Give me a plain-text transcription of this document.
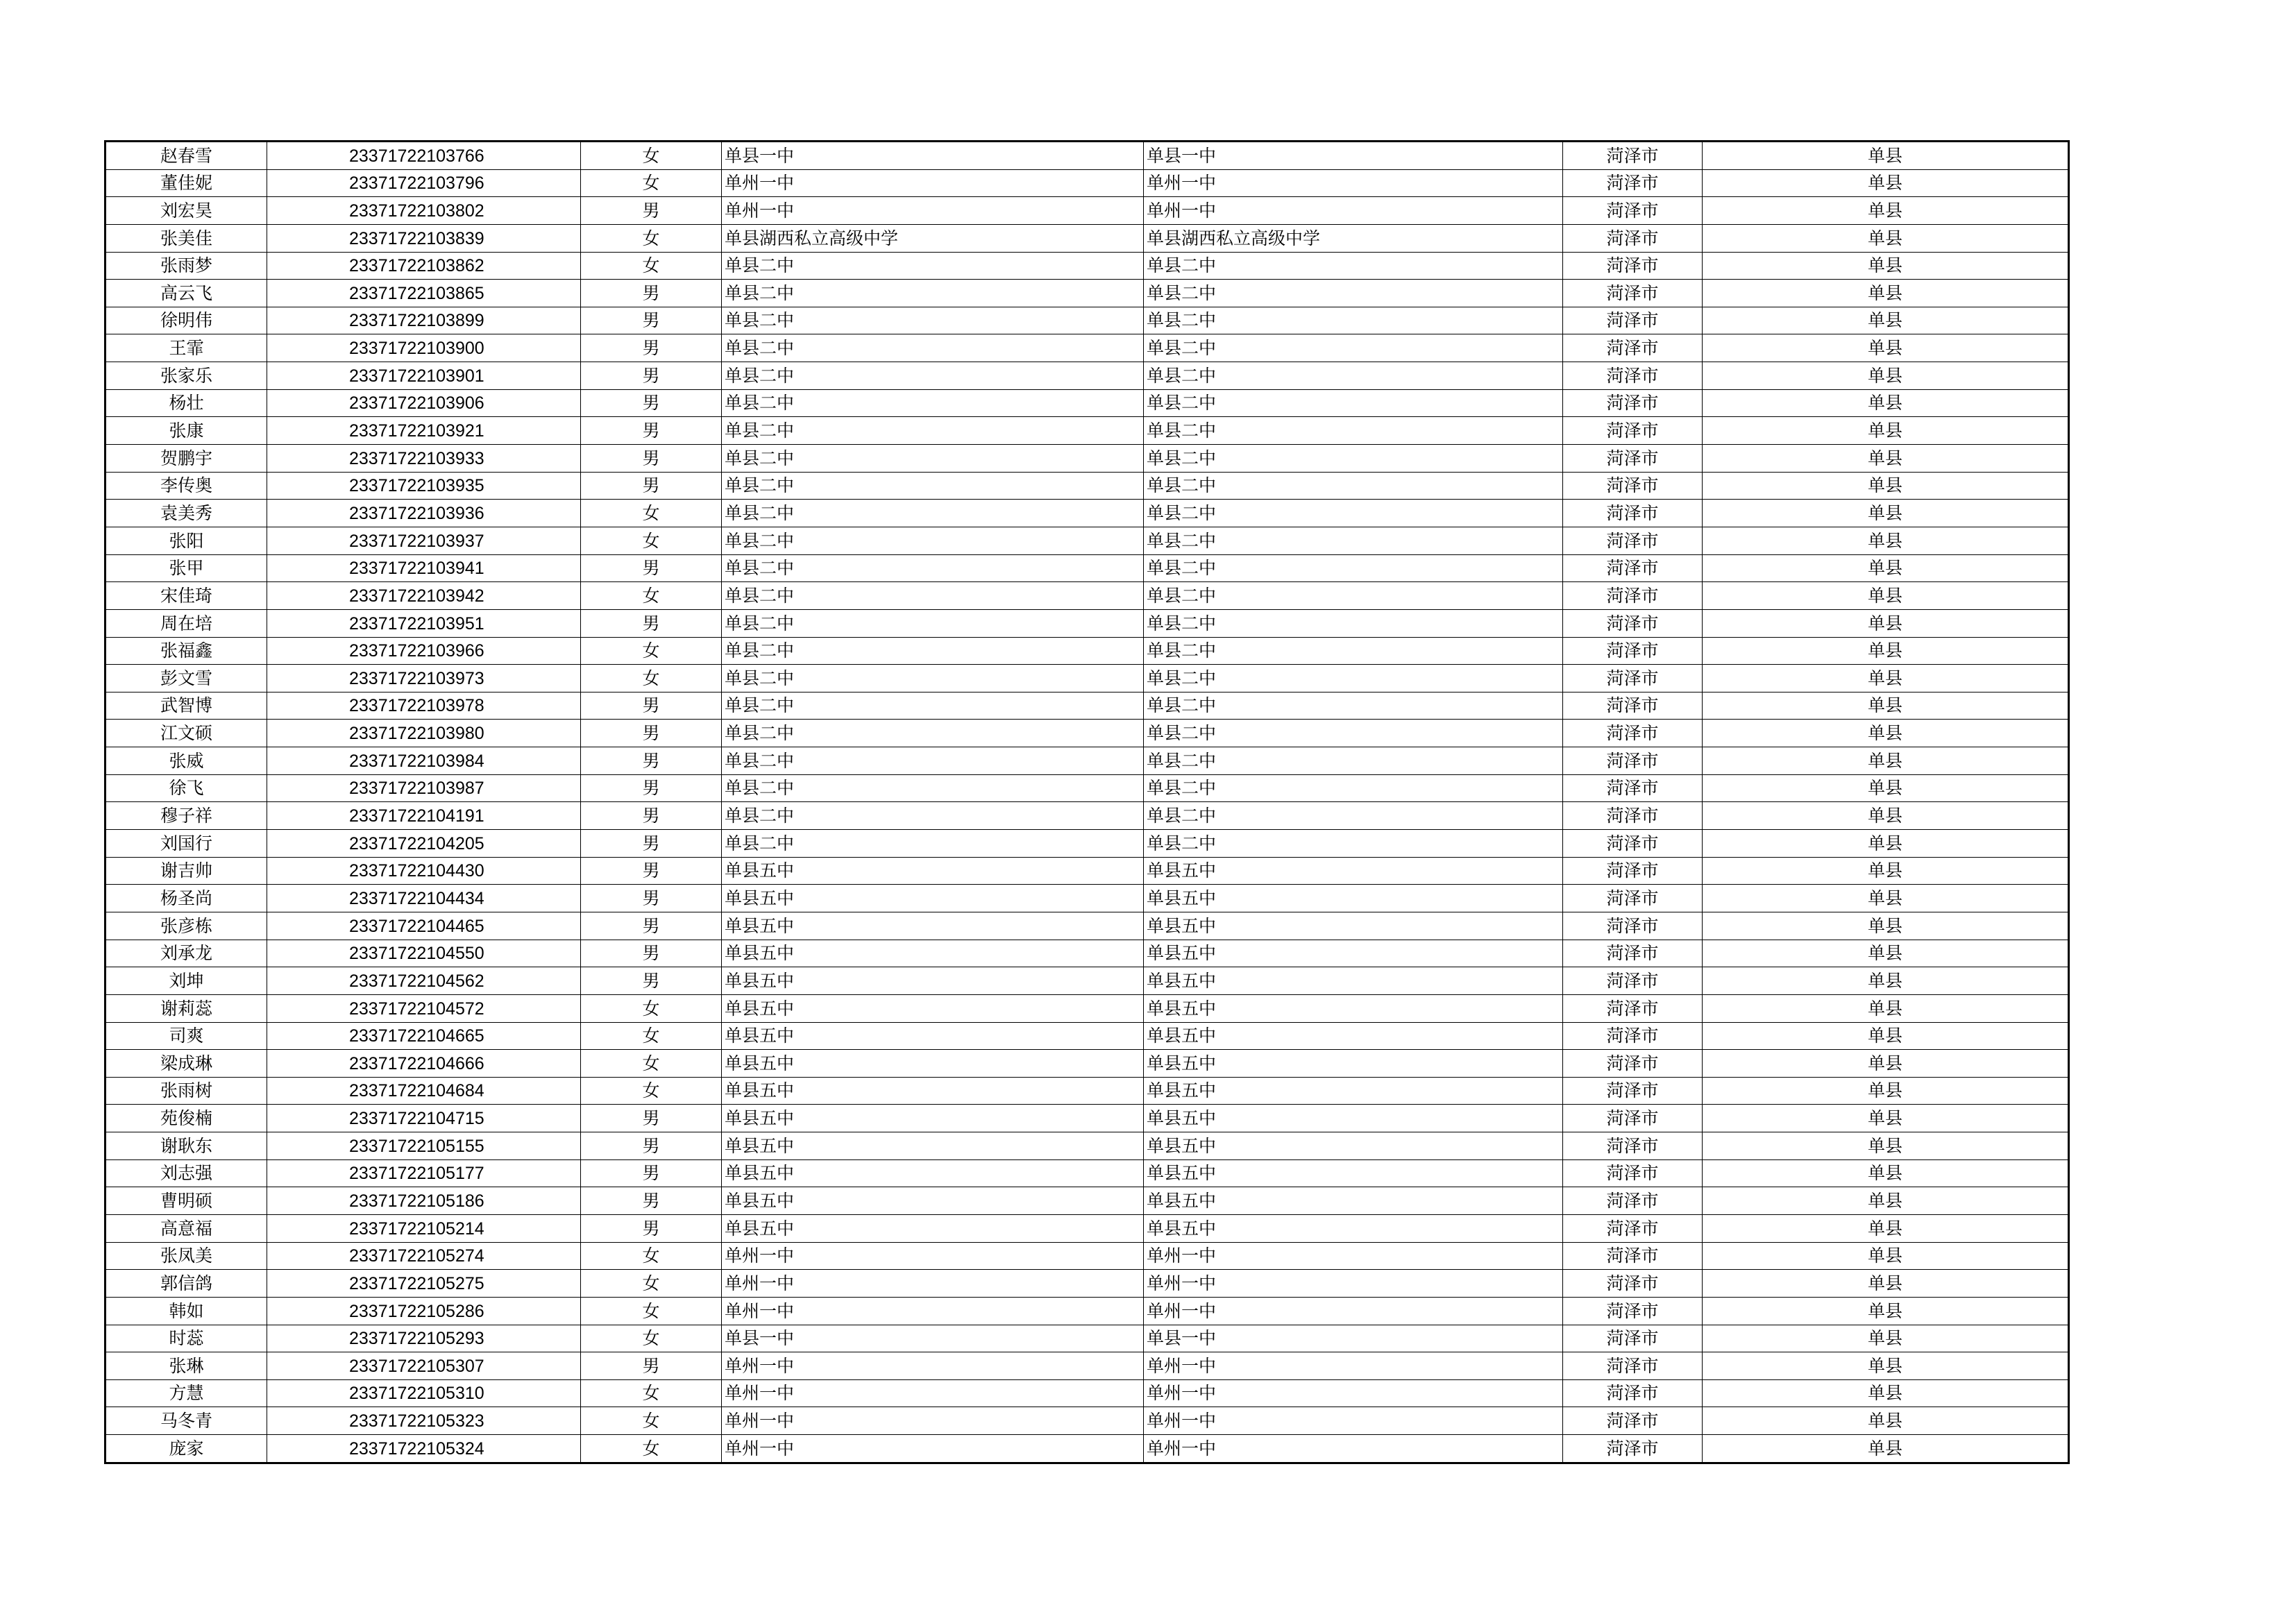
赵春雪	23371722103766	女	单县一中	单县一中	菏泽市	单县
董佳妮	23371722103796	女	单州一中	单州一中	菏泽市	单县
刘宏昊	23371722103802	男	单州一中	单州一中	菏泽市	单县
张美佳	23371722103839	女	单县湖西私立高级中学	单县湖西私立高级中学	菏泽市	单县
张雨梦	23371722103862	女	单县二中	单县二中	菏泽市	单县
高云飞	23371722103865	男	单县二中	单县二中	菏泽市	单县
徐明伟	23371722103899	男	单县二中	单县二中	菏泽市	单县
王霏	23371722103900	男	单县二中	单县二中	菏泽市	单县
张家乐	23371722103901	男	单县二中	单县二中	菏泽市	单县
杨壮	23371722103906	男	单县二中	单县二中	菏泽市	单县
张康	23371722103921	男	单县二中	单县二中	菏泽市	单县
贺鹏宇	23371722103933	男	单县二中	单县二中	菏泽市	单县
李传奥	23371722103935	男	单县二中	单县二中	菏泽市	单县
袁美秀	23371722103936	女	单县二中	单县二中	菏泽市	单县
张阳	23371722103937	女	单县二中	单县二中	菏泽市	单县
张甲	23371722103941	男	单县二中	单县二中	菏泽市	单县
宋佳琦	23371722103942	女	单县二中	单县二中	菏泽市	单县
周在培	23371722103951	男	单县二中	单县二中	菏泽市	单县
张福鑫	23371722103966	女	单县二中	单县二中	菏泽市	单县
彭文雪	23371722103973	女	单县二中	单县二中	菏泽市	单县
武智博	23371722103978	男	单县二中	单县二中	菏泽市	单县
江文硕	23371722103980	男	单县二中	单县二中	菏泽市	单县
张威	23371722103984	男	单县二中	单县二中	菏泽市	单县
徐飞	23371722103987	男	单县二中	单县二中	菏泽市	单县
穆子祥	23371722104191	男	单县二中	单县二中	菏泽市	单县
刘国行	23371722104205	男	单县二中	单县二中	菏泽市	单县
谢吉帅	23371722104430	男	单县五中	单县五中	菏泽市	单县
杨圣尚	23371722104434	男	单县五中	单县五中	菏泽市	单县
张彦栋	23371722104465	男	单县五中	单县五中	菏泽市	单县
刘承龙	23371722104550	男	单县五中	单县五中	菏泽市	单县
刘坤	23371722104562	男	单县五中	单县五中	菏泽市	单县
谢莉蕊	23371722104572	女	单县五中	单县五中	菏泽市	单县
司爽	23371722104665	女	单县五中	单县五中	菏泽市	单县
梁成琳	23371722104666	女	单县五中	单县五中	菏泽市	单县
张雨树	23371722104684	女	单县五中	单县五中	菏泽市	单县
苑俊楠	23371722104715	男	单县五中	单县五中	菏泽市	单县
谢耿东	23371722105155	男	单县五中	单县五中	菏泽市	单县
刘志强	23371722105177	男	单县五中	单县五中	菏泽市	单县
曹明硕	23371722105186	男	单县五中	单县五中	菏泽市	单县
高意福	23371722105214	男	单县五中	单县五中	菏泽市	单县
张凤美	23371722105274	女	单州一中	单州一中	菏泽市	单县
郭信鸽	23371722105275	女	单州一中	单州一中	菏泽市	单县
韩如	23371722105286	女	单州一中	单州一中	菏泽市	单县
时蕊	23371722105293	女	单县一中	单县一中	菏泽市	单县
张琳	23371722105307	男	单州一中	单州一中	菏泽市	单县
方慧	23371722105310	女	单州一中	单州一中	菏泽市	单县
马冬青	23371722105323	女	单州一中	单州一中	菏泽市	单县
庞家	23371722105324	女	单州一中	单州一中	菏泽市	单县
